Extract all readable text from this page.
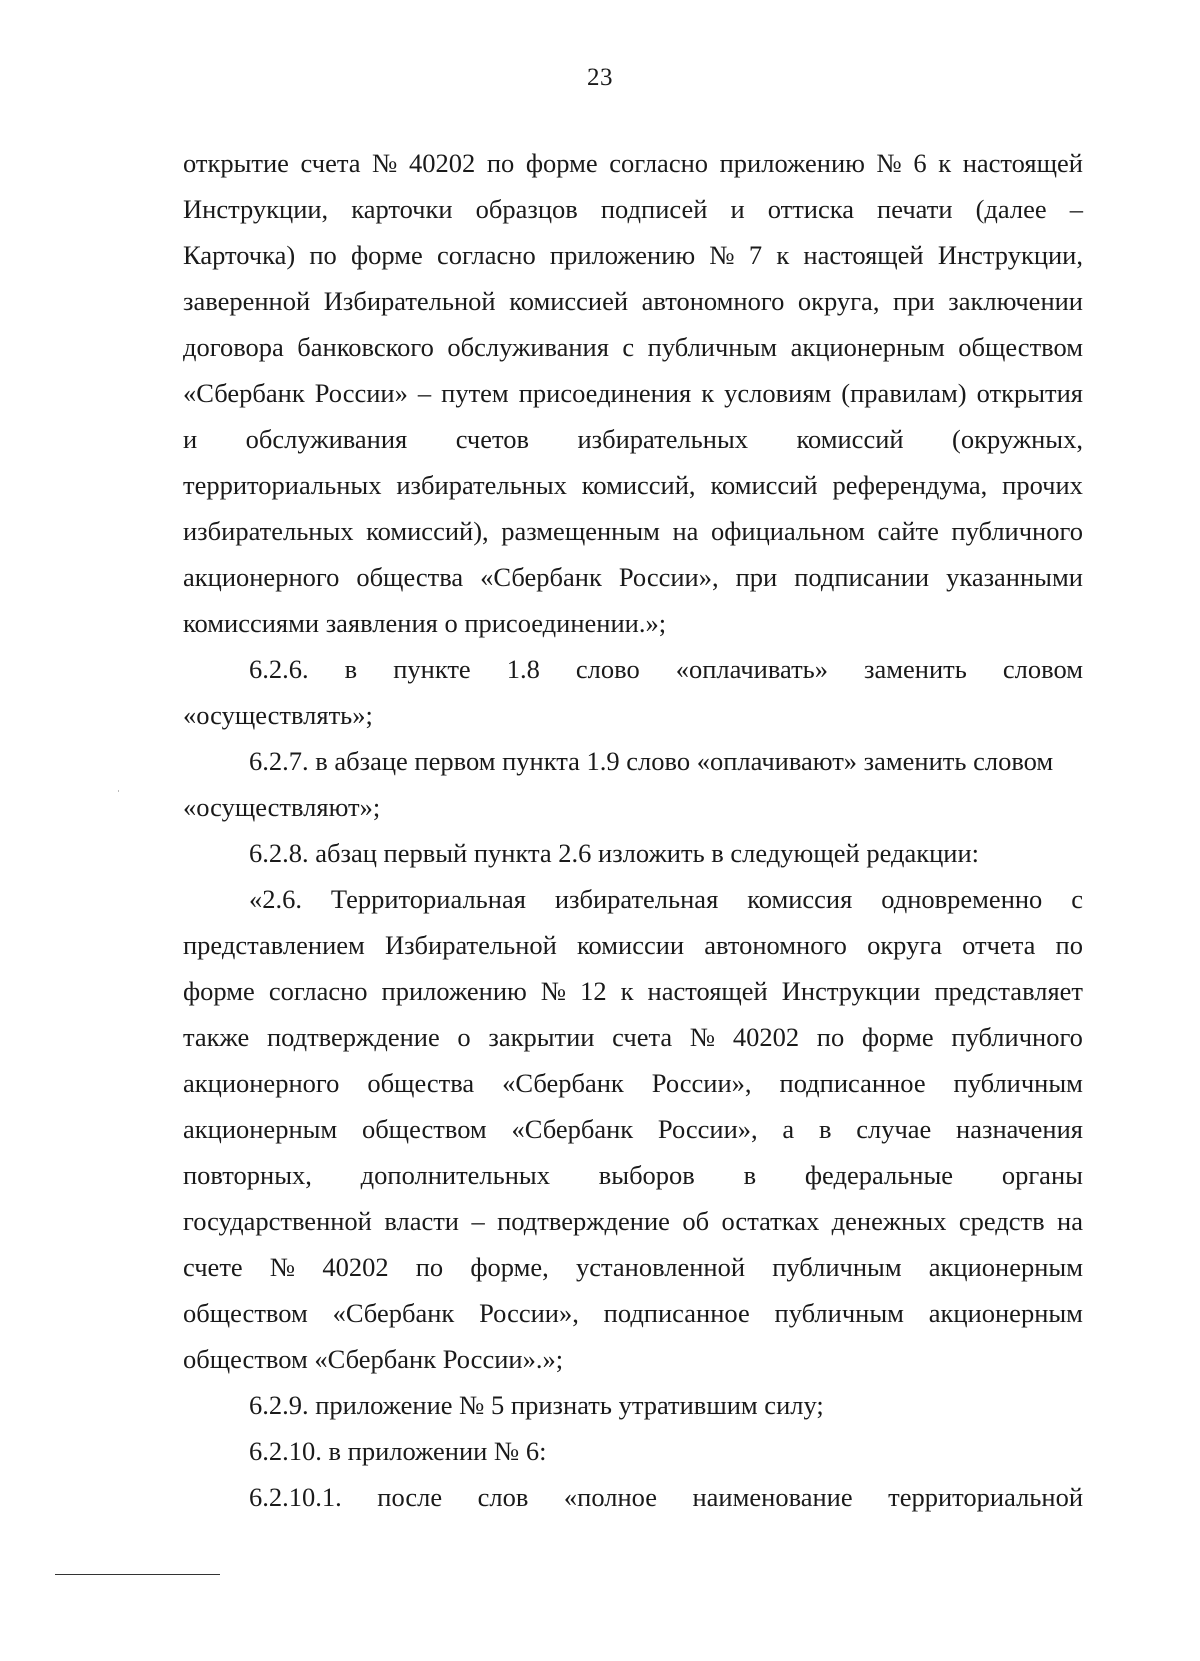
23
открытие счета № 40202 по форме согласно приложению № 6 к настоящей
Инструкции, карточки образцов подписей и оттиска печати (далее –
Карточка) по форме согласно приложению № 7 к настоящей Инструкции,
заверенной Избирательной комиссией автономного округа, при заключении
договора банковского обслуживания с публичным акционерным обществом
«Сбербанк России» – путем присоединения к условиям (правилам) открытия
и обслуживания счетов избирательных комиссий (окружных,
территориальных избирательных комиссий, комиссий референдума, прочих
избирательных комиссий), размещенным на официальном сайте публичного
акционерного общества «Сбербанк России», при подписании указанными
комиссиями заявления о присоединении.»;
6.2.6. в пункте 1.8 слово «оплачивать» заменить словом
«осуществлять»;
6.2.7. в абзаце первом пункта 1.9 слово «оплачивают» заменить словом
«осуществляют»;
6.2.8. абзац первый пункта 2.6 изложить в следующей редакции:
«2.6. Территориальная избирательная комиссия одновременно с
представлением Избирательной комиссии автономного округа отчета по
форме согласно приложению № 12 к настоящей Инструкции представляет
также подтверждение о закрытии счета № 40202 по форме публичного
акционерного общества «Сбербанк России», подписанное публичным
акционерным обществом «Сбербанк России», а в случае назначения
повторных, дополнительных выборов в федеральные органы
государственной власти – подтверждение об остатках денежных средств на
счете № 40202 по форме, установленной публичным акционерным
обществом «Сбербанк России», подписанное публичным акционерным
обществом «Сбербанк России».»;
6.2.9. приложение № 5 признать утратившим силу;
6.2.10. в приложении № 6:
6.2.10.1. после слов «полное наименование территориальной
